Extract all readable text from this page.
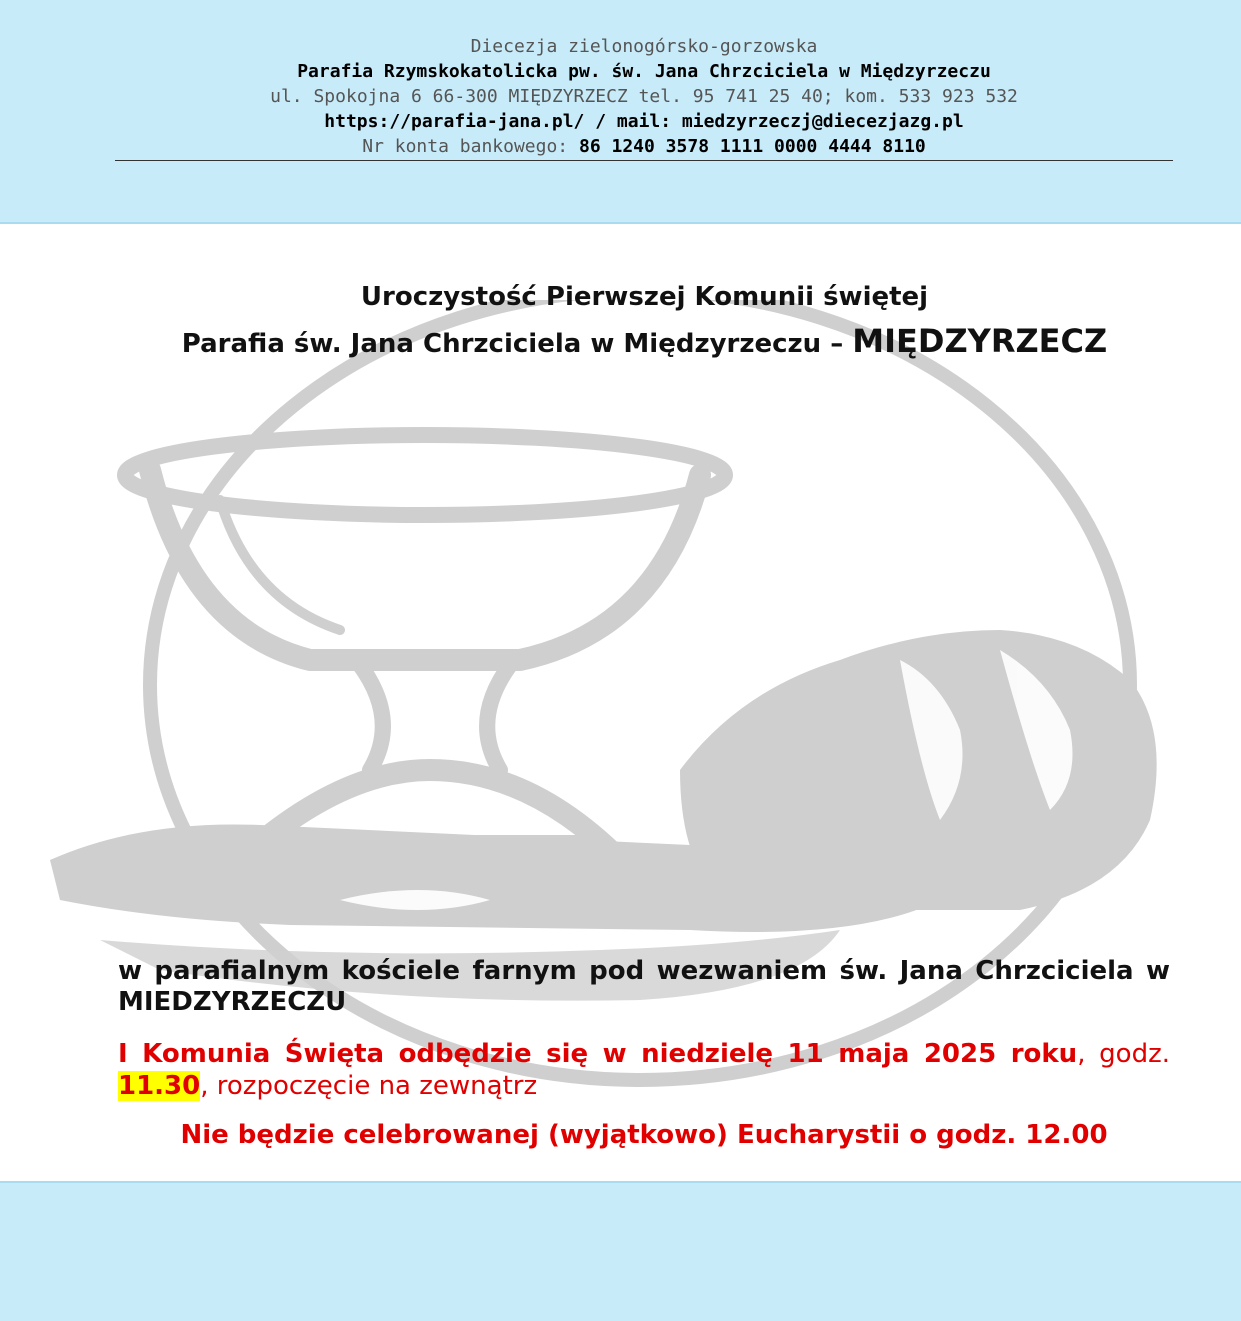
Diecezja zielonogórsko-gorzowska
Parafia Rzymskokatolicka pw. św. Jana Chrzciciela w Międzyrzeczu
ul. Spokojna 6 66-300 MIĘDZYRZECZ tel. 95 741 25 40; kom. 533 923 532
https://parafia-jana.pl/ / mail: miedzyrzeczj@diecezjazg.pl
Nr konta bankowego: 86 1240 3578 1111 0000 4444 8110
Uroczystość Pierwszej Komunii świętej
Parafia św. Jana Chrzciciela w Międzyrzeczu – MIĘDZYRZECZ
w parafialnym kościele farnym pod wezwaniem św. Jana Chrzciciela w MIEDZYRZECZU
I Komunia Święta odbędzie się w niedzielę 11 maja 2025 roku, godz. 11.30, rozpoczęcie na zewnątrz
Nie będzie celebrowanej (wyjątkowo) Eucharystii o godz. 12.00
